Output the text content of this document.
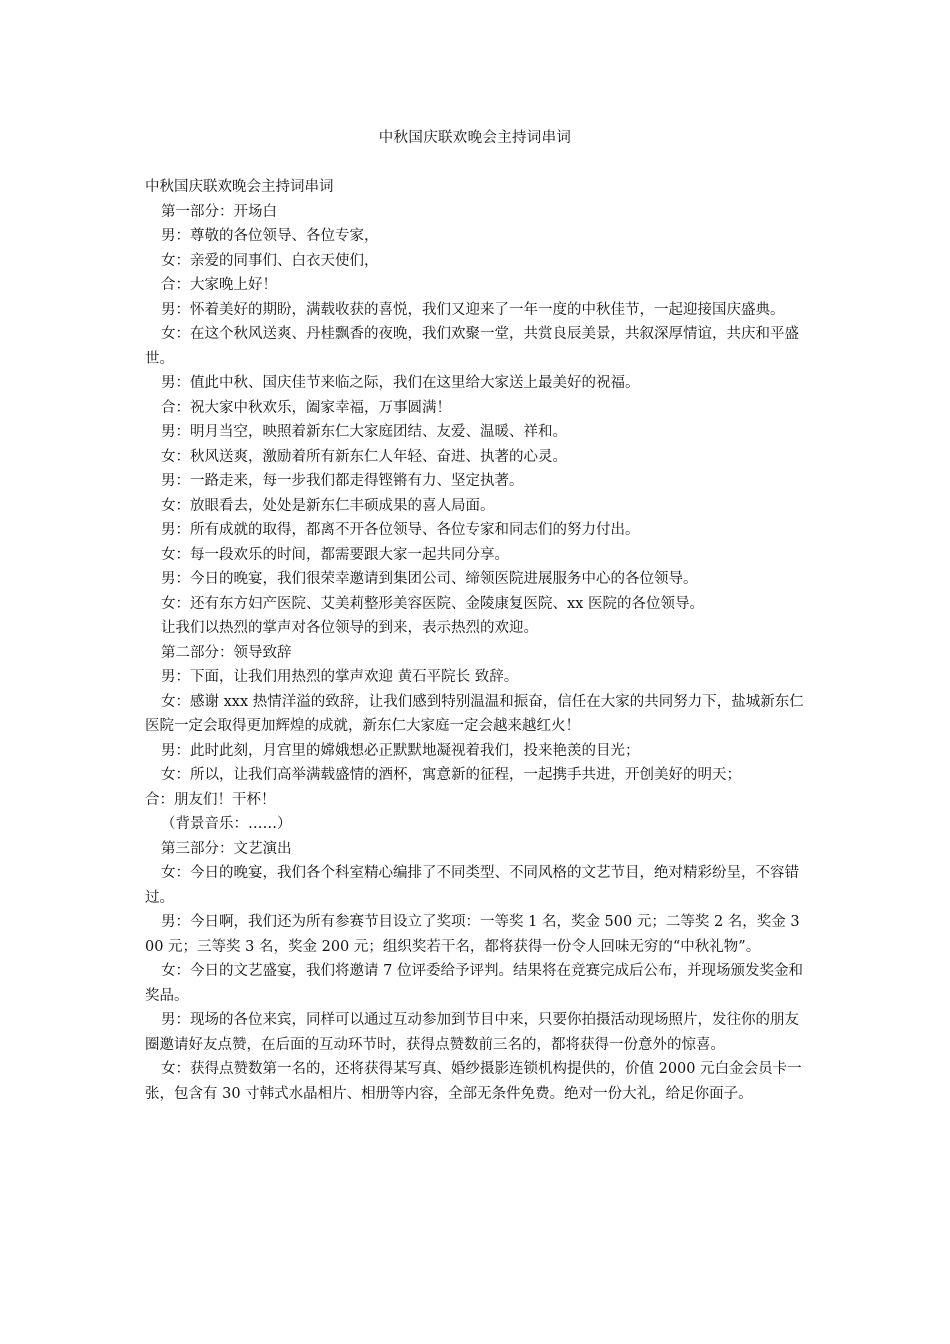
中秋国庆联欢晚会主持词串词

中秋国庆联欢晚会主持词串词

第一部分：开场白

男：尊敬的各位领导、各位专家，

女：亲爱的同事们、白衣天使们，

合：大家晚上好！

男：怀着美好的期盼，满载收获的喜悦，我们又迎来了一年一度的中秋佳节，一起迎接国庆盛典。

女：在这个秋风送爽、丹桂飘香的夜晚，我们欢聚一堂，共赏良辰美景，共叙深厚情谊，共庆和平盛世。

男：值此中秋、国庆佳节来临之际，我们在这里给大家送上最美好的祝福。

合：祝大家中秋欢乐，阖家幸福，万事圆满！

男：明月当空，映照着新东仁大家庭团结、友爱、温暖、祥和。

女：秋风送爽，激励着所有新东仁人年轻、奋进、执著的心灵。

男：一路走来，每一步我们都走得铿锵有力、坚定执著。

女：放眼看去，处处是新东仁丰硕成果的喜人局面。

男：所有成就的取得，都离不开各位领导、各位专家和同志们的努力付出。

女：每一段欢乐的时间，都需要跟大家一起共同分享。

男：今日的晚宴，我们很荣幸邀请到集团公司、缔领医院进展服务中心的各位领导。

女：还有东方妇产医院、艾美莉整形美容医院、金陵康复医院、xx 医院的各位领导。

让我们以热烈的掌声对各位领导的到来，表示热烈的欢迎。

第二部分：领导致辞

男：下面，让我们用热烈的掌声欢迎 黄石平院长 致辞。

女：感谢 xxx 热情洋溢的致辞，让我们感到特别温温和振奋，信任在大家的共同努力下，盐城新东仁医院一定会取得更加辉煌的成就，新东仁大家庭一定会越来越红火！

男：此时此刻，月宫里的嫦娥想必正默默地凝视着我们，投来艳羡的目光；

女：所以，让我们高举满载盛情的酒杯，寓意新的征程，一起携手共进，开创美好的明天；

合：朋友们！干杯！

（背景音乐：……）

第三部分：文艺演出

女：今日的晚宴，我们各个科室精心编排了不同类型、不同风格的文艺节目，绝对精彩纷呈，不容错过。

男：今日啊，我们还为所有参赛节目设立了奖项：一等奖 1 名，奖金 500 元；二等奖 2 名，奖金 300 元；三等奖 3 名，奖金 200 元；组织奖若干名，都将获得一份令人回味无穷的“中秋礼物”。

女：今日的文艺盛宴，我们将邀请 7 位评委给予评判。结果将在竞赛完成后公布，并现场颁发奖金和奖品。

男：现场的各位来宾，同样可以通过互动参加到节目中来，只要你拍摄活动现场照片，发往你的朋友圈邀请好友点赞，在后面的互动环节时，获得点赞数前三名的，都将获得一份意外的惊喜。

女：获得点赞数第一名的，还将获得某写真、婚纱摄影连锁机构提供的，价值 2000 元白金会员卡一张，包含有 30 寸韩式水晶相片、相册等内容，全部无条件免费。绝对一份大礼，给足你面子。
